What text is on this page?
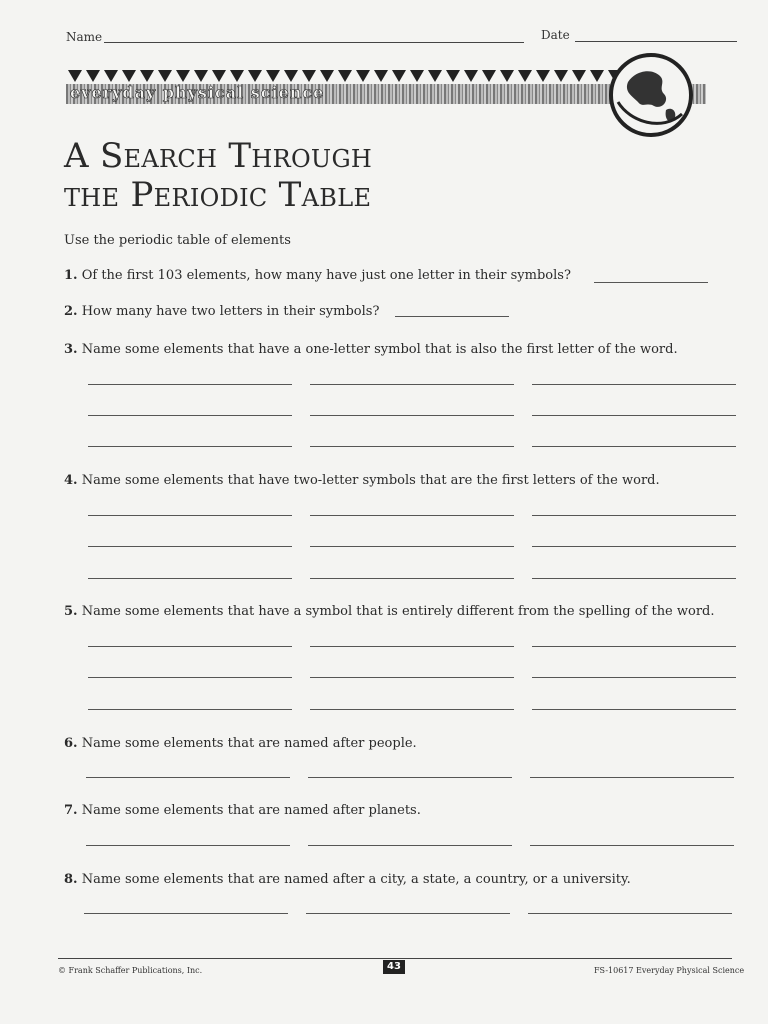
Name	Date
everyday physical science
A Search Through
the Periodic Table
Use the periodic table of elements
1. Of the first 103 elements, how many have just one letter in their symbols?
2. How many have two letters in their symbols?
3. Name some elements that have a one-letter symbol that is also the first letter of the word.
4. Name some elements that have two-letter symbols that are the first letters of the word.
5. Name some elements that have a symbol that is entirely different from the spelling of the word.
6. Name some elements that are named after people.
7. Name some elements that are named after planets.
8. Name some elements that are named after a city, a state, a country, or a university.
© Frank Schaffer Publications, Inc.	43	FS-10617 Everyday Physical Science
